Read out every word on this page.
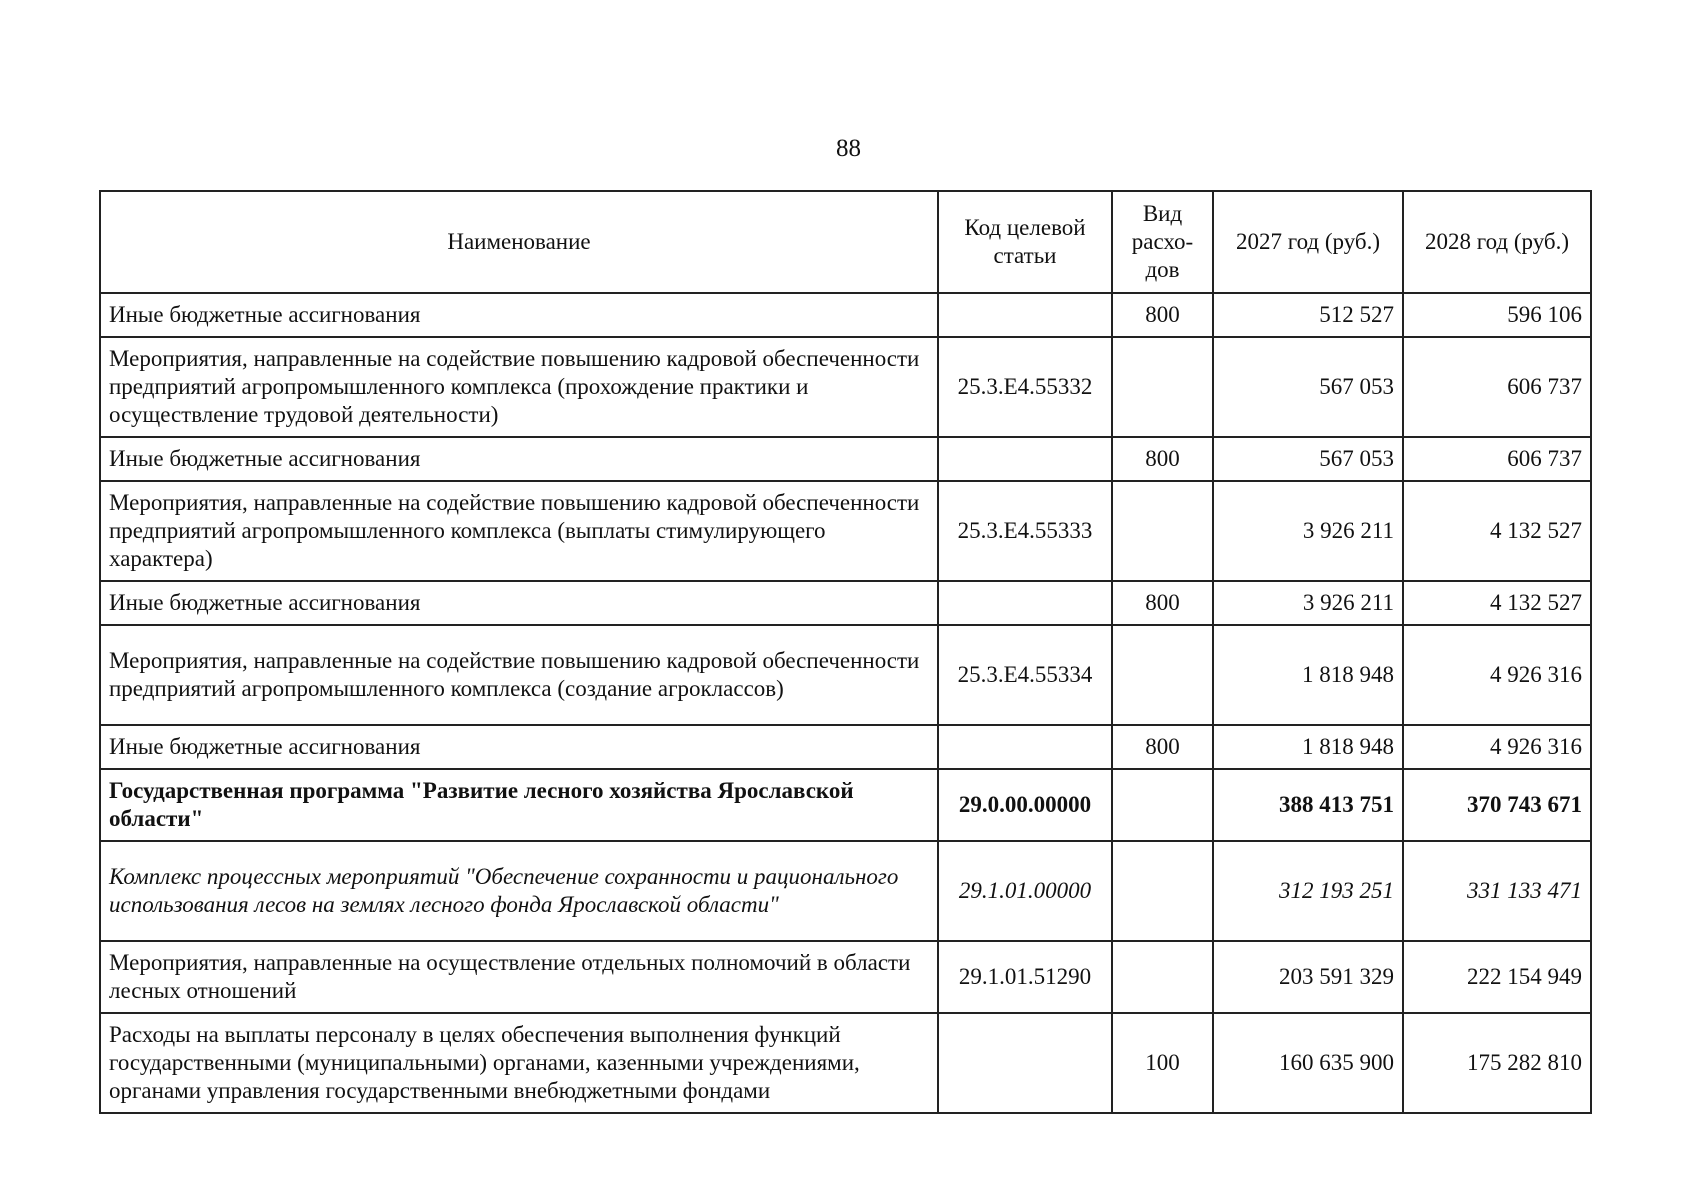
88
Наименование	Код целевой статьи	Вид расхо-дов	2027 год (руб.)	2028 год (руб.)
Иные бюджетные ассигнования		800	512 527	596 106
Мероприятия, направленные на содействие повышению кадровой обеспеченности предприятий агропромышленного комплекса (прохождение практики и осуществление трудовой деятельности)	25.3.Е4.55332		567 053	606 737
Иные бюджетные ассигнования		800	567 053	606 737
Мероприятия, направленные на содействие повышению кадровой обеспеченности предприятий агропромышленного комплекса (выплаты стимулирующего характера)	25.3.Е4.55333		3 926 211	4 132 527
Иные бюджетные ассигнования		800	3 926 211	4 132 527
Мероприятия, направленные на содействие повышению кадровой обеспеченности предприятий агропромышленного комплекса (создание агроклассов)	25.3.Е4.55334		1 818 948	4 926 316
Иные бюджетные ассигнования		800	1 818 948	4 926 316
Государственная программа "Развитие лесного хозяйства Ярославской области"	29.0.00.00000		388 413 751	370 743 671
Комплекс процессных мероприятий "Обеспечение сохранности и рационального использования лесов на землях лесного фонда Ярославской области"	29.1.01.00000		312 193 251	331 133 471
Мероприятия, направленные на осуществление отдельных полномочий в области лесных отношений	29.1.01.51290		203 591 329	222 154 949
Расходы на выплаты персоналу в целях обеспечения выполнения функций государственными (муниципальными) органами, казенными учреждениями, органами управления государственными внебюджетными фондами		100	160 635 900	175 282 810
